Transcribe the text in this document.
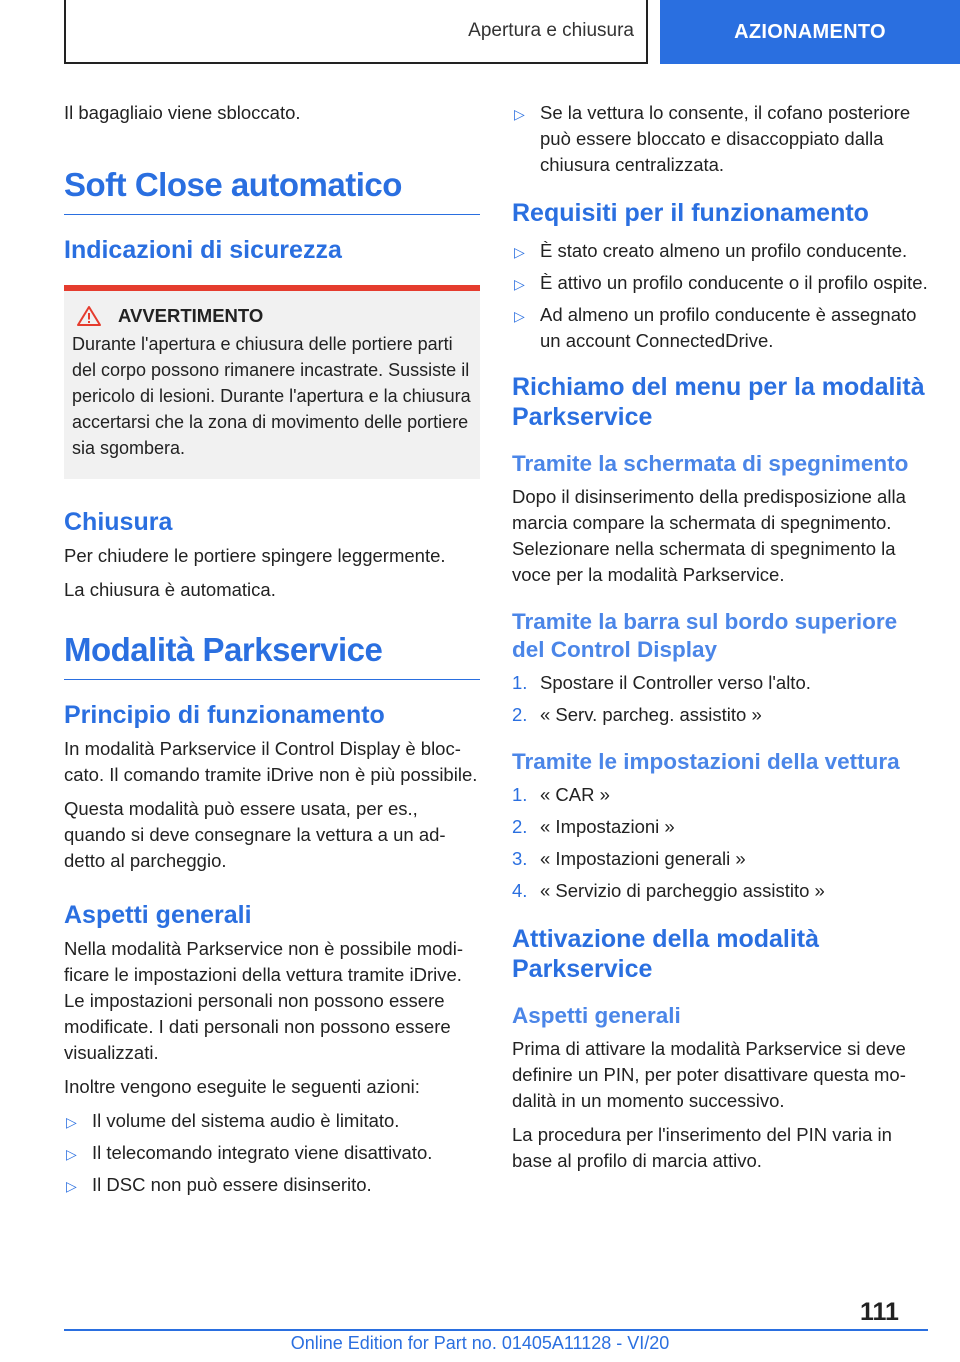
Apertura e chiusura	AZIONAMENTO

Il bagagliaio viene sbloccato.

Soft Close automatico
Indicazioni di sicurezza
AVVERTIMENTO
Durante l'apertura e chiusura delle portiere parti del corpo possono rimanere incastrate. Sussiste il pericolo di lesioni. Durante l'apertura e la chiusura accertarsi che la zona di movimento delle portiere sia sgombera.
Chiusura

Per chiudere le portiere spingere leggermente.

La chiusura è automatica.

Modalità Parkservice
Principio di funzionamento

In modalità Parkservice il Control Display è bloccato. Il comando tramite iDrive non è più possibile.

Questa modalità può essere usata, per es., quando si deve consegnare la vettura a un addetto al parcheggio.

Aspetti generali

Nella modalità Parkservice non è possibile modificare le impostazioni della vettura tramite iDrive. Le impostazioni personali non possono essere modificate. I dati personali non possono essere visualizzati.

Inoltre vengono eseguite le seguenti azioni:

▷ Il volume del sistema audio è limitato.
▷ Il telecomando integrato viene disattivato.
▷ Il DSC non può essere disinserito.
▷ Se la vettura lo consente, il cofano posteriore può essere bloccato e disaccoppiato dalla chiusura centralizzata.
Requisiti per il funzionamento
▷ È stato creato almeno un profilo conducente.
▷ È attivo un profilo conducente o il profilo ospite.
▷ Ad almeno un profilo conducente è assegnato un account ConnectedDrive.
Richiamo del menu per la modalità Parkservice
Tramite la schermata di spegnimento

Dopo il disinserimento della predisposizione alla marcia compare la schermata di spegnimento. Selezionare nella schermata di spegnimento la voce per la modalità Parkservice.

Tramite la barra sul bordo superiore del Control Display
1. Spostare il Controller verso l'alto.
2. « Serv. parcheg. assistito »
Tramite le impostazioni della vettura
1. « CAR »
2. « Impostazioni »
3. « Impostazioni generali »
4. « Servizio di parcheggio assistito »
Attivazione della modalità Parkservice
Aspetti generali

Prima di attivare la modalità Parkservice si deve definire un PIN, per poter disattivare questa modalità in un momento successivo.

La procedura per l'inserimento del PIN varia in base al profilo di marcia attivo.

111
Online Edition for Part no. 01405A11128 - VI/20
